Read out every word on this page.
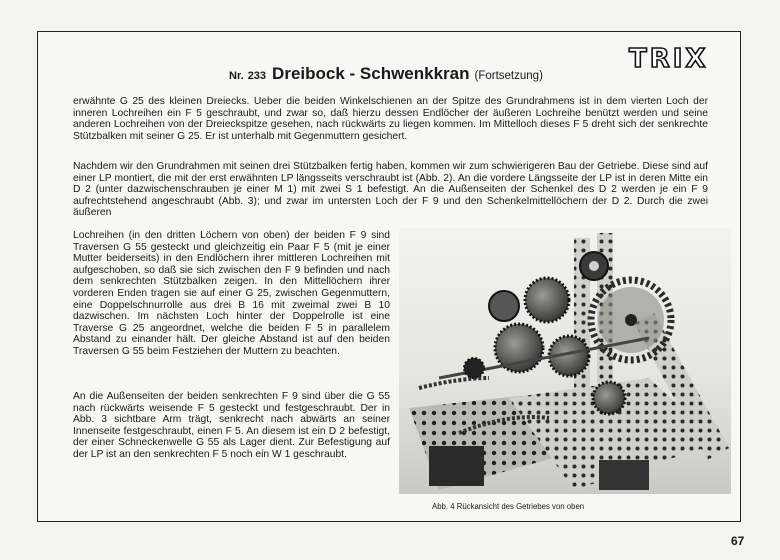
TRIX
Nr. 233 Dreibock - Schwenkkran (Fortsetzung)
erwähnte G 25 des kleinen Dreiecks. Ueber die beiden Winkelschienen an der Spitze des Grundrahmens ist in dem vierten Loch der inneren Lochreihen ein F 5 geschraubt, und zwar so, daß hierzu dessen Endlöcher der äußeren Lochreihe benützt werden und seine anderen Lochreihen von der Dreieckspitze gesehen, nach rückwärts zu liegen kommen. Im Mittelloch dieses F 5 dreht sich der senkrechte Stützbalken mit seiner G 25. Er ist unterhalb mit Gegenmuttern gesichert.
Nachdem wir den Grundrahmen mit seinen drei Stützbalken fertig haben, kommen wir zum schwierigeren Bau der Getriebe. Diese sind auf einer LP montiert, die mit der erst erwähnten LP längsseits verschraubt ist (Abb. 2). An die vordere Längsseite der LP ist in deren Mitte ein D 2 (unter dazwischenschrauben je einer M 1) mit zwei S 1 befestigt. An die Außenseiten der Schenkel des D 2 werden je ein F 9 aufrechtstehend angeschraubt (Abb. 3); und zwar im untersten Loch der F 9 und den Schenkelmittellöchern der D 2. Durch die zwei äußeren
Lochreihen (in den dritten Löchern von oben) der beiden F 9 sind Traversen G 55 gesteckt und gleichzeitig ein Paar F 5 (mit je einer Mutter beiderseits) in den Endlöchern ihrer mittleren Lochreihen mit aufgeschoben, so daß sie sich zwischen den F 9 befinden und nach dem senkrechten Stützbalken zeigen. In den Mittellöchern ihrer vorderen Enden tragen sie auf einer G 25, zwischen Gegenmuttern, eine Doppelschnurrolle aus drei B 16 mit zweimal zwei B 10 dazwischen. Im nächsten Loch hinter der Doppelrolle ist eine Traverse G 25 angeordnet, welche die beiden F 5 in parallelem Abstand zu einander hält. Der gleiche Abstand ist auf den beiden Traversen G 55 beim Festziehen der Muttern zu beachten.
An die Außenseiten der beiden senkrechten F 9 sind über die G 55 nach rückwärts weisende F 5 gesteckt und festgeschraubt. Der in Abb. 3 sichtbare Arm trägt, senkrecht nach abwärts an seiner Innenseite festgeschraubt, einen F 5. An diesem ist ein D 2 befestigt, der einer Schneckenwelle G 55 als Lager dient. Zur Befestigung auf der LP ist an den senkrechten F 5 noch ein W 1 geschraubt.
Abb. 4 Rückansicht des Getriebes von oben
67
